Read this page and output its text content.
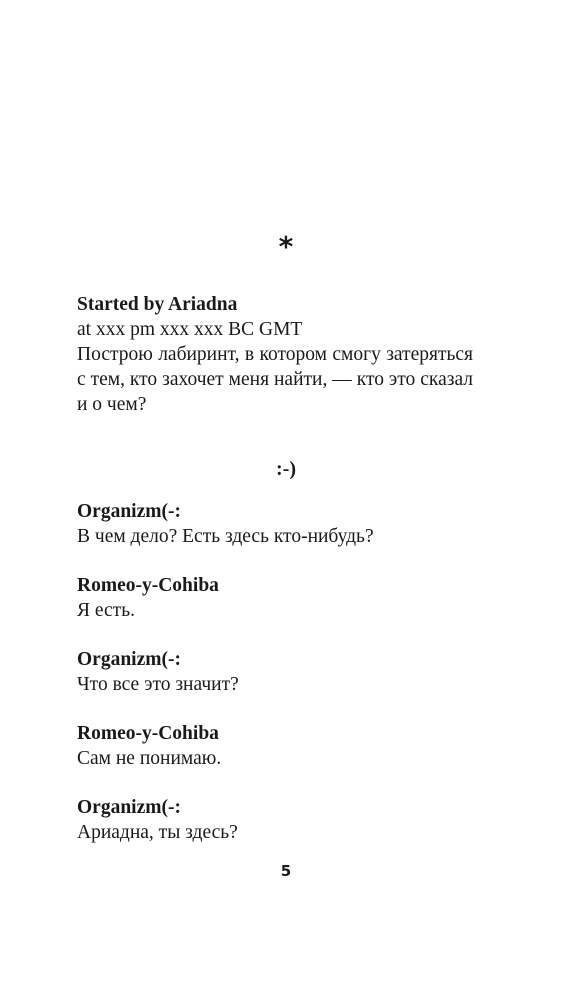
*
Started by Ariadna
at xxx pm xxx xxx BC GMT
Построю лабиринт, в котором смогу затеряться с тем, кто захочет меня найти, — кто это сказал и о чем?
:-)
Organizm(-:
В чем дело? Есть здесь кто-нибудь?
Romeo-y-Cohiba
Я есть.
Organizm(-:
Что все это значит?
Romeo-y-Cohiba
Сам не понимаю.
Organizm(-:
Ариадна, ты здесь?
5
